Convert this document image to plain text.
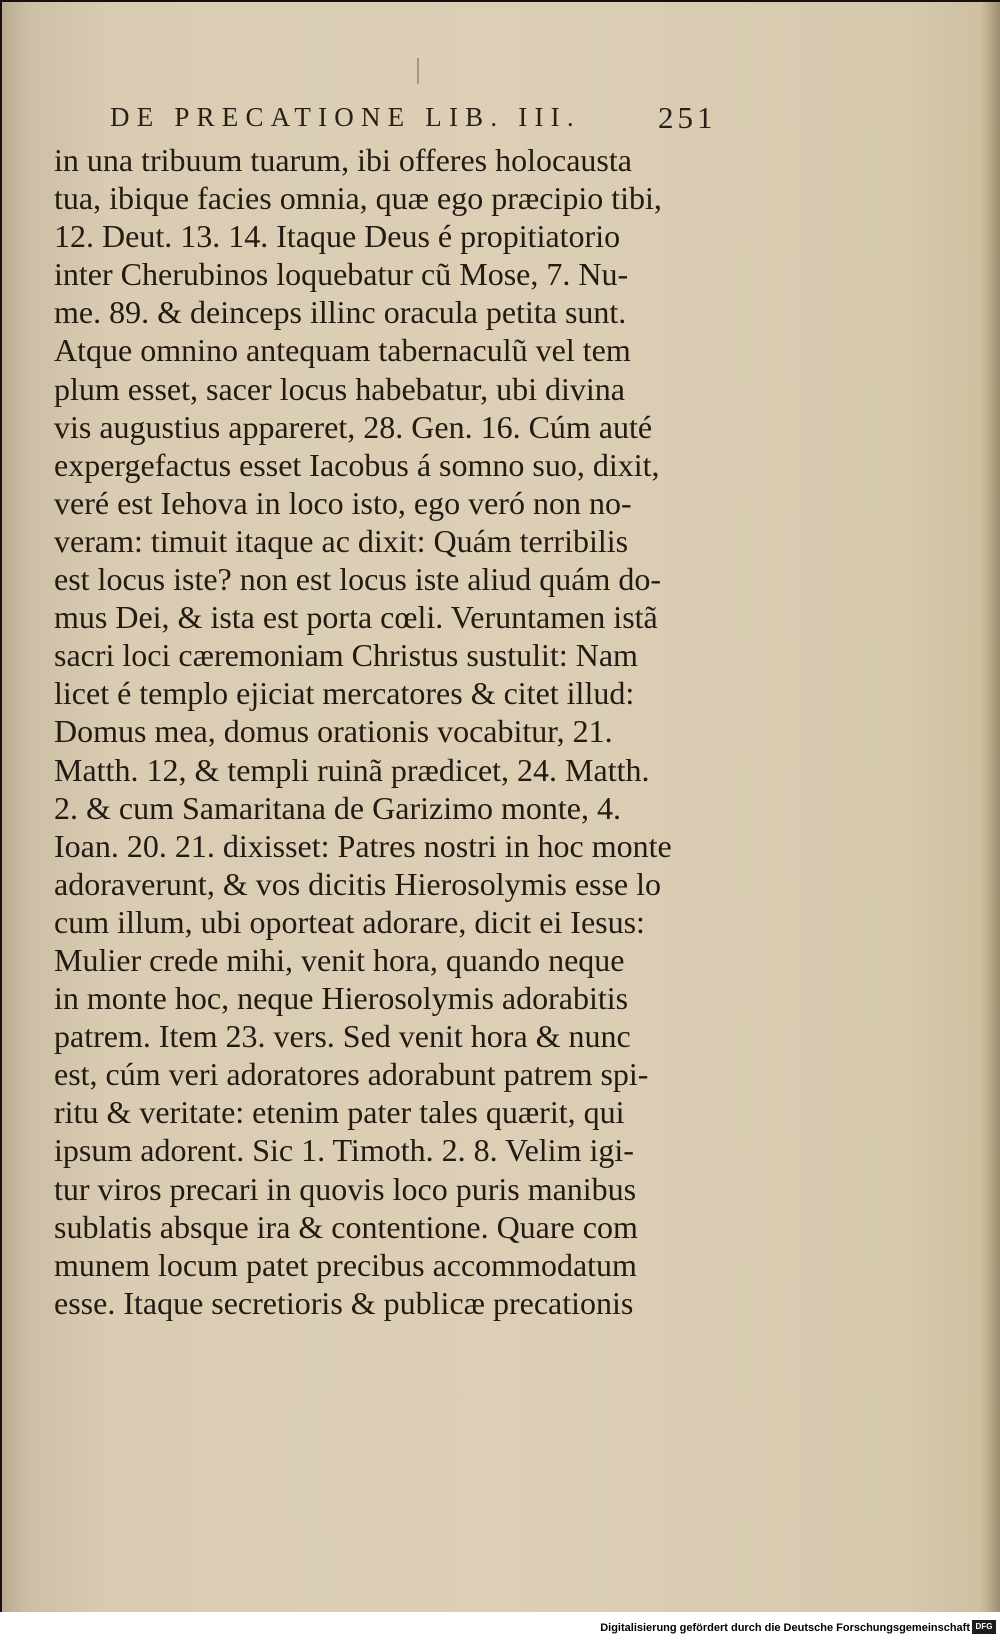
DE PRECATIONE LIB. III. 251
in una tribuum tuarum, ibi offeres holocausta
tua, ibique facies omnia, quæ ego præcipio tibi,
12. Deut. 13. 14. Itaque Deus é propitiatorio
inter Cherubinos loquebatur cũ Mose, 7. Nu-
me. 89. & deinceps illinc oracula petita sunt.
Atque omnino antequam tabernaculũ vel tem
plum esset, sacer locus habebatur, ubi divina
vis augustius appareret, 28. Gen. 16. Cúm auté
expergefactus esset Iacobus á somno suo, dixit,
veré est Iehova in loco isto, ego veró non no-
veram: timuit itaque ac dixit: Quám terribilis
est locus iste? non est locus iste aliud quám do-
mus Dei, & ista est porta cœli. Veruntamen istã
sacri loci cæremoniam Christus sustulit: Nam
licet é templo ejiciat mercatores & citet illud:
Domus mea, domus orationis vocabitur, 21.
Matth. 12, & templi ruinã prædicet, 24. Matth.
2. & cum Samaritana de Garizimo monte, 4.
Ioan. 20. 21. dixisset: Patres nostri in hoc monte
adoraverunt, & vos dicitis Hierosolymis esse lo
cum illum, ubi oporteat adorare, dicit ei Iesus:
Mulier crede mihi, venit hora, quando neque
in monte hoc, neque Hierosolymis adorabitis
patrem. Item 23. vers. Sed venit hora & nunc
est, cúm veri adoratores adorabunt patrem spi-
ritu & veritate: etenim pater tales quærit, qui
ipsum adorent. Sic 1. Timoth. 2. 8. Velim igi-
tur viros precari in quovis loco puris manibus
sublatis absque ira & contentione. Quare com
munem locum patet precibus accommodatum
esse. Itaque secretioris & publicæ precationis
Digitalisierung gefördert durch die Deutsche Forschungsgemeinschaft DFG
